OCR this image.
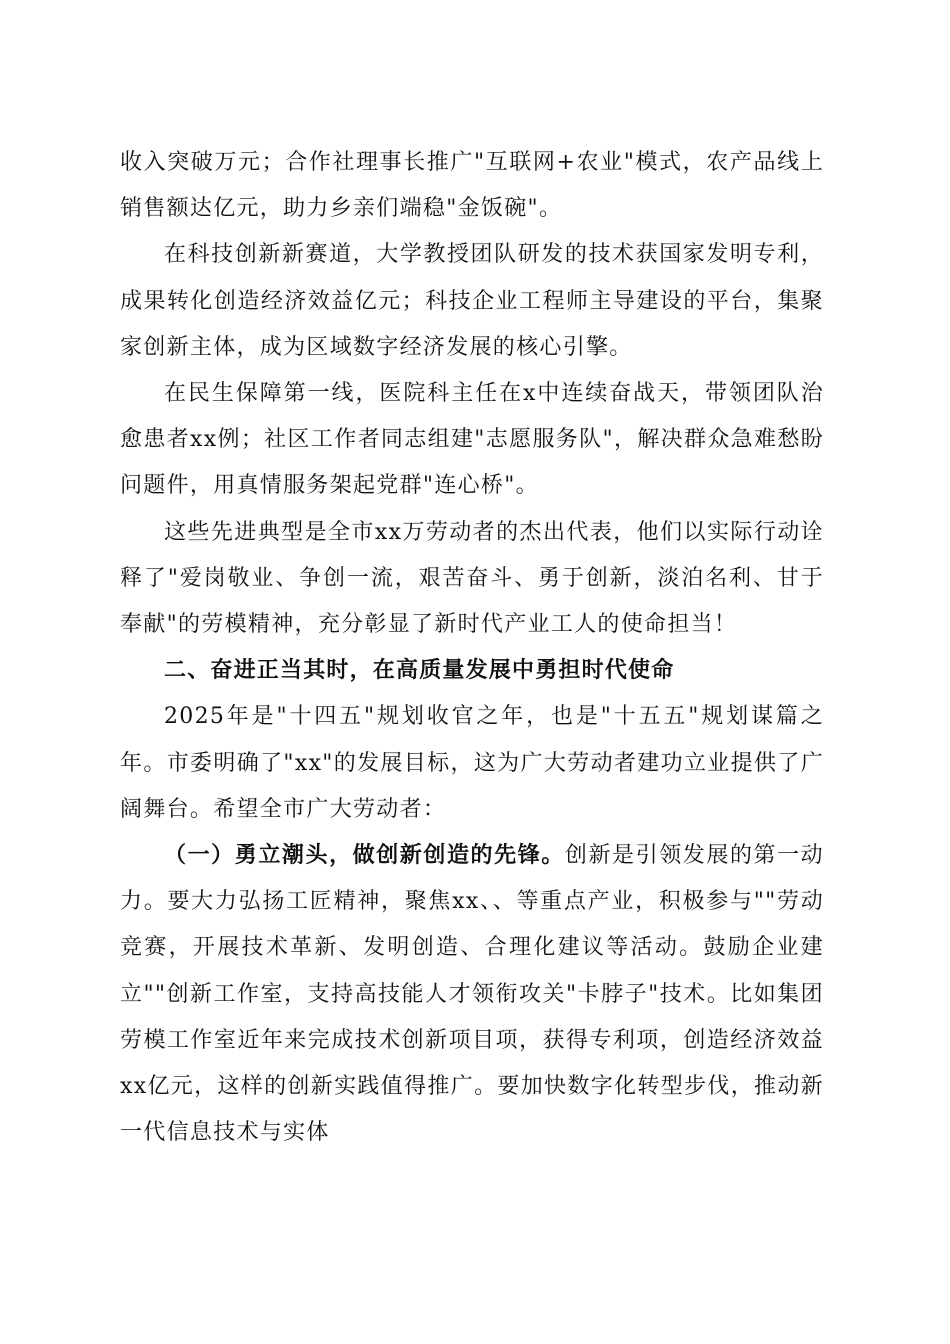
收入突破万元；合作社理事长推广"互联网+农业"模式，农产品线上销售额达亿元，助力乡亲们端稳"金饭碗"。

在科技创新新赛道，大学教授团队研发的技术获国家发明专利，成果转化创造经济效益亿元；科技企业工程师主导建设的平台，集聚家创新主体，成为区域数字经济发展的核心引擎。

在民生保障第一线，医院科主任在x中连续奋战天，带领团队治愈患者xx例；社区工作者同志组建"志愿服务队"，解决群众急难愁盼问题件，用真情服务架起党群"连心桥"。

这些先进典型是全市xx万劳动者的杰出代表，他们以实际行动诠释了"爱岗敬业、争创一流，艰苦奋斗、勇于创新，淡泊名利、甘于奉献"的劳模精神，充分彰显了新时代产业工人的使命担当！

二、奋进正当其时，在高质量发展中勇担时代使命

2025年是"十四五"规划收官之年，也是"十五五"规划谋篇之年。市委明确了"xx"的发展目标，这为广大劳动者建功立业提供了广阔舞台。希望全市广大劳动者：

（一）勇立潮头，做创新创造的先锋。创新是引领发展的第一动力。要大力弘扬工匠精神，聚焦xx、、等重点产业，积极参与""劳动竞赛，开展技术革新、发明创造、合理化建议等活动。鼓励企业建立""创新工作室，支持高技能人才领衔攻关"卡脖子"技术。比如集团劳模工作室近年来完成技术创新项目项，获得专利项，创造经济效益xx亿元，这样的创新实践值得推广。要加快数字化转型步伐，推动新一代信息技术与实体
